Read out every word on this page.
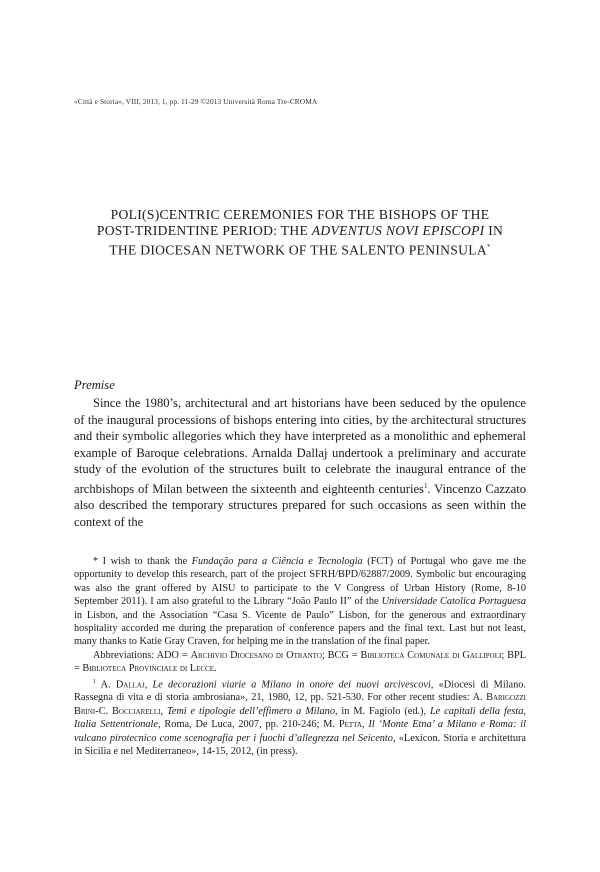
«Città e Storia», VIII, 2013, 1, pp. 11-29 ©2013 Università Roma Tre-CROMA
POLI(S)CENTRIC CEREMONIES FOR THE BISHOPS OF THE
POST-TRIDENTINE PERIOD: THE ADVENTUS NOVI EPISCOPI IN
THE DIOCESAN NETWORK OF THE SALENTO PENINSULA*
Premise

Since the 1980’s, architectural and art historians have been seduced by the opulence of the inaugural processions of bishops entering into cities, by the architectural structures and their symbolic allegories which they have interpreted as a monolithic and ephemeral example of Baroque celebrations. Arnalda Dallaj undertook a preliminary and accurate study of the evolution of the structures built to celebrate the inaugural entrance of the archbishops of Milan between the sixteenth and eighteenth centuries$^1$. Vincenzo Cazzato also described the temporary structures prepared for such occasions as seen within the context of the

* I wish to thank the Fundação para a Ciência e Tecnologia (FCT) of Portugal who gave me the opportunity to develop this research, part of the project SFRH/BPD/62887/2009. Symbolic but encouraging was also the grant offered by AISU to participate to the V Congress of Urban History (Rome, 8-10 September 2011). I am also grateful to the Library “João Paulo II” of the Universidade Catolica Portuguesa in Lisbon, and the Association “Casa S. Vicente de Paulo” Lisbon, for the generous and extraordinary hospitality accorded me during the preparation of conference papers and the final text. Last but not least, many thanks to Katie Gray Craven, for helping me in the translation of the final paper.

Abbreviations: ADO = Archivio Diocesano di Otranto; BCG = Biblioteca Comunale di Gallipoli; BPL = Biblioteca Provinciale di Lecce.

$^1$ A. Dallaj, Le decorazioni viarie a Milano in onore dei nuovi arcivescovi, «Diocesi di Milano. Rassegna di vita e di storia ambrosiana», 21, 1980, 12, pp. 521-530. For other recent studies: A. Barigozzi Brini-C. Bocciarelli, Temi e tipologie dell’effimero a Milano, in M. Fagiolo (ed.), Le capitali della festa, Italia Settentrionale, Roma, De Luca, 2007, pp. 210-246; M. Petta, Il ‘Monte Etna’ a Milano e Roma: il vulcano pirotecnico come scenografia per i fuochi d’allegrezza nel Seicento, «Lexicon. Storia e architettura in Sicilia e nel Mediterraneo», 14-15, 2012, (in press).
